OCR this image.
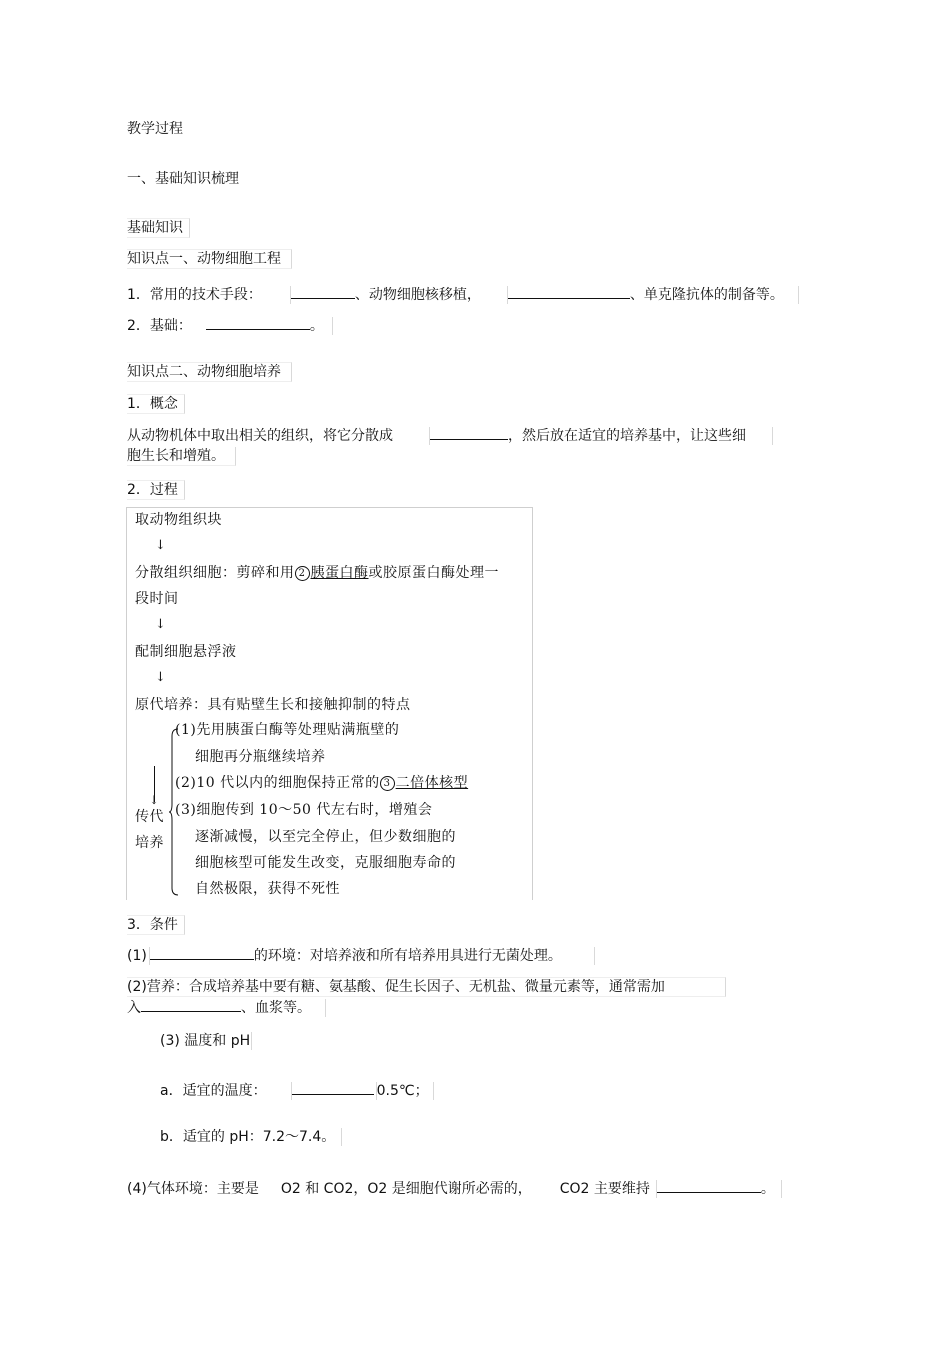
教学过程
一、基础知识梳理
基础知识
知识点一、动物细胞工程
1．常用的技术手段：	、动物细胞核移植，	、单克隆抗体的制备等。
2．基础：	。
知识点二、动物细胞培养
1．概念
从动物机体中取出相关的组织，将它分散成	，然后放在适宜的培养基中，让这些细
胞生长和增殖。
2．过程
取动物组织块
↓
分散组织细胞：剪碎和用 2 胰蛋白酶或胶原蛋白酶处理一
段时间
↓
配制细胞悬浮液
↓
原代培养：具有贴壁生长和接触抑制的特点
(1)先用胰蛋白酶等处理贴满瓶壁的
细胞再分瓶继续培养
(2)10 代以内的细胞保持正常的 3 二倍体核型
(3)细胞传到 10～50 代左右时，增殖会
逐渐减慢，以至完全停止，但少数细胞的
细胞核型可能发生改变，克服细胞寿命的
自然极限，获得不死性
↓
传代
培养
3．条件
(1)	的环境：对培养液和所有培养用具进行无菌处理。
(2)营养：合成培养基中要有糖、氨基酸、促生长因子、无机盐、微量元素等，通常需加
入	、血浆等。
(3) 温度和 pH
a．适宜的温度：	0.5℃；
b．适宜的 pH：7.2～7.4。
(4)气体环境：主要是 O2 和 CO2，O2 是细胞代谢所必需的， CO2 主要维持	。
